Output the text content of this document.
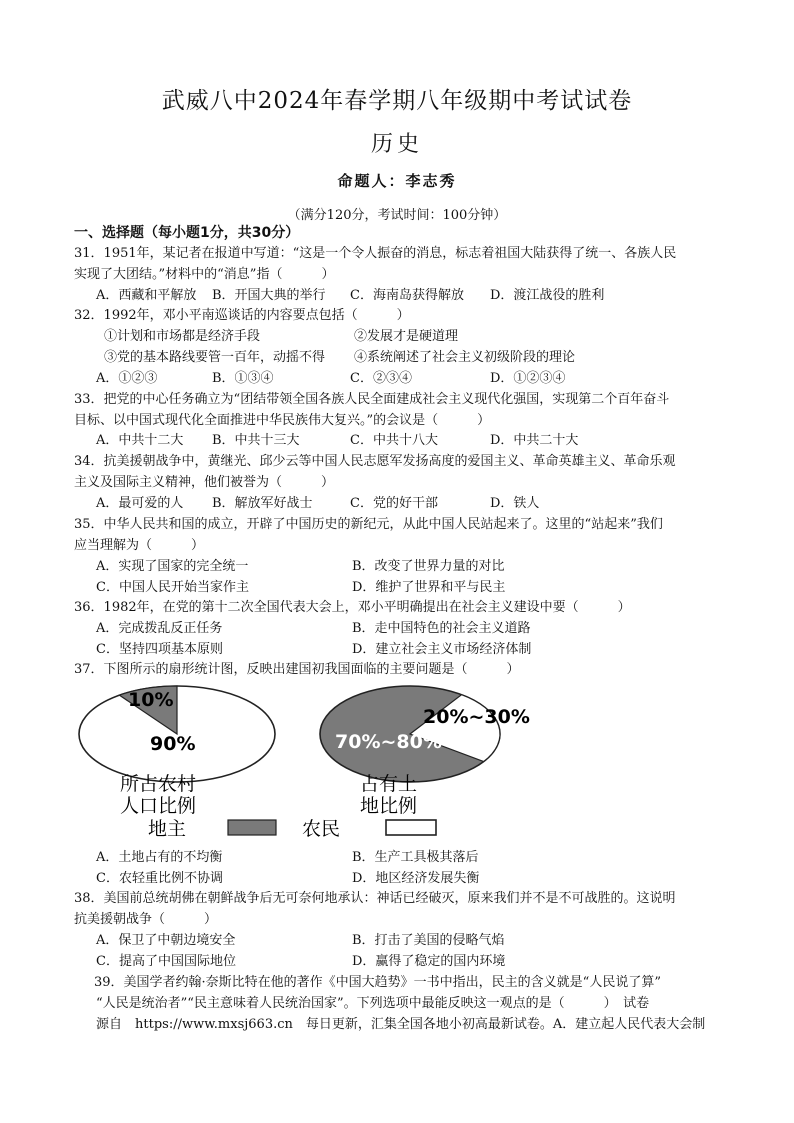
武威八中2024年春学期八年级期中考试试卷
历史
命题人：李志秀
（满分120分，考试时间：100分钟）
一、选择题（每小题1分，共30分）
31．1951年，某记者在报道中写道：“这是一个令人振奋的消息，标志着祖国大陆获得了统一、各族人民
实现了大团结。”材料中的“消息”指（　　　）
A．西藏和平解放 B．开国大典的举行 C．海南岛获得解放 D．渡江战役的胜利
32．1992年，邓小平南巡谈话的内容要点包括（　　　）
①计划和市场都是经济手段	②发展才是硬道理
③党的基本路线要管一百年，动摇不得 ④系统阐述了社会主义初级阶段的理论
A．①②③	B．①③④	C．②③④	D．①②③④
33．把党的中心任务确立为“团结带领全国各族人民全面建成社会主义现代化强国，实现第二个百年奋斗
目标、以中国式现代化全面推进中华民族伟大复兴。”的会议是（　　　）
A．中共十二大 B．中共十三大	C．中共十八大	D．中共二十大
34．抗美援朝战争中，黄继光、邱少云等中国人民志愿军发扬高度的爱国主义、革命英雄主义、革命乐观
主义及国际主义精神，他们被誉为（　　　）
A．最可爱的人 B．解放军好战士	C．党的好干部	D．铁人
35．中华人民共和国的成立，开辟了中国历史的新纪元，从此中国人民站起来了。这里的“站起来”我们
应当理解为（　　　）
A．实现了国家的完全统一	B．改变了世界力量的对比
C．中国人民开始当家作主	D．维护了世界和平与民主
36．1982年，在党的第十二次全国代表大会上，邓小平明确提出在社会主义建设中要（　　　）
A．完成拨乱反正任务	B．走中国特色的社会主义道路
C．坚持四项基本原则	D．建立社会主义市场经济体制
37．下图所示的扇形统计图，反映出建国初我国面临的主要问题是（　　　）
10%
90%
所占农村
人口比例
20%~30%
70%~80%
占有土
地比例
地主	农民
A．土地占有的不均衡	B．生产工具极其落后
C．农轻重比例不协调	D．地区经济发展失衡
38．美国前总统胡佛在朝鲜战争后无可奈何地承认：神话已经破灭，原来我们并不是不可战胜的。这说明
抗美援朝战争（　　　）
A．保卫了中朝边境安全	B．打击了美国的侵略气焰
C．提高了中国国际地位	D．赢得了稳定的国内环境
39．美国学者约翰·奈斯比特在他的著作《中国大趋势》一书中指出，民主的含义就是“人民说了算”
“人民是统治者”“民主意味着人民统治国家”。下列选项中最能反映这一观点的是（　　　）　试卷
源自　https://www.mxsj663.cn　每日更新，汇集全国各地小初高最新试卷。A．建立起人民代表大会制
